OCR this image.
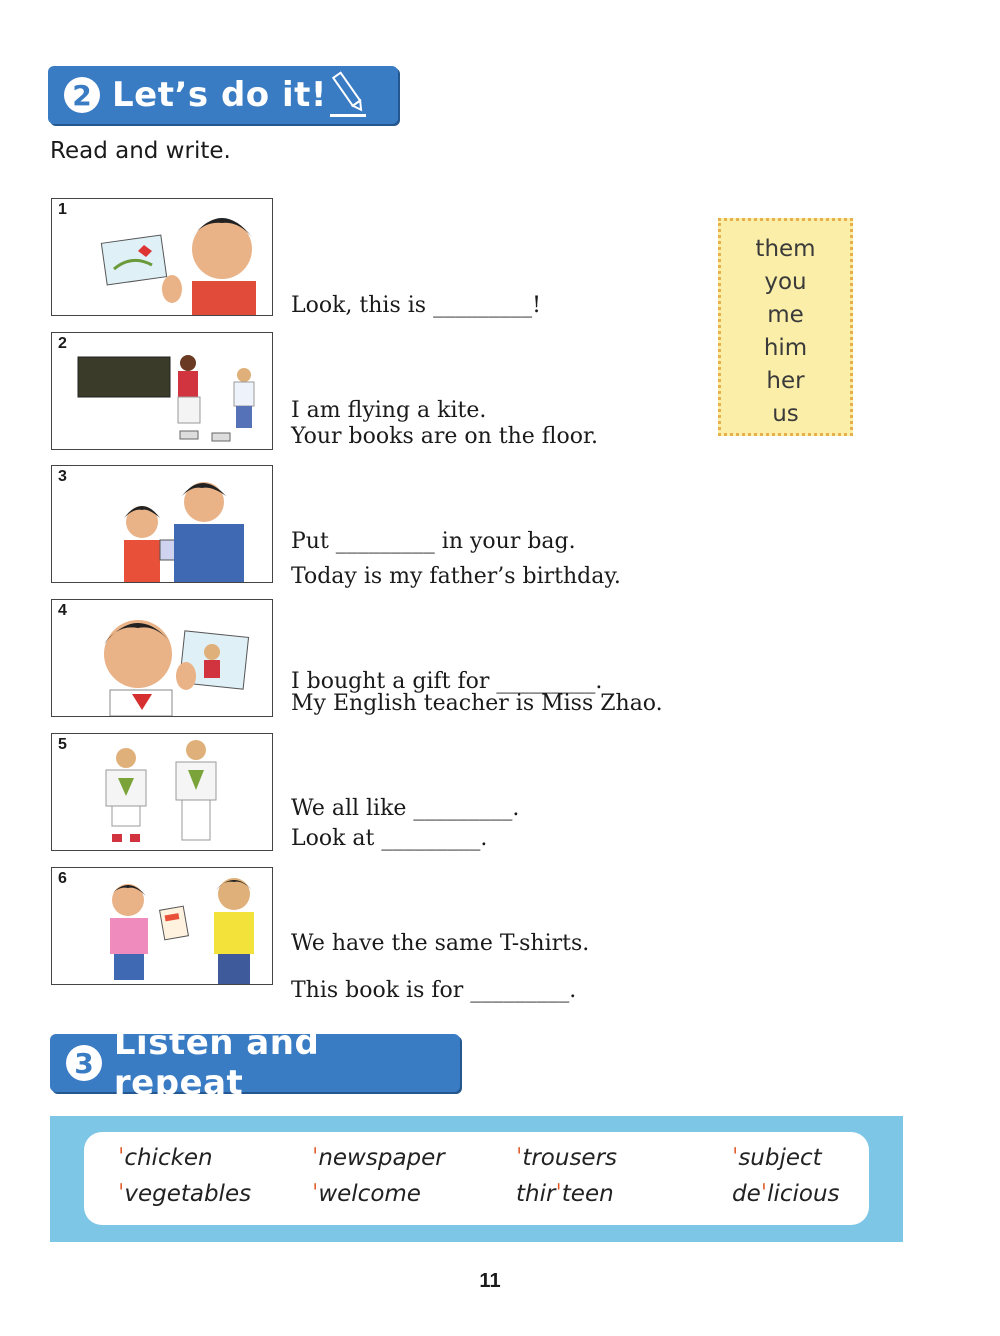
2 Let’s do it!
Read and write.
1

Look, this is _________!

I am flying a kite.

2

Your books are on the floor.

Put _________ in your bag.

3

Today is my father’s birthday.

I bought a gift for _________.

4

My English teacher is Miss Zhao.

We all like _________.

5

Look at _________.

We have the same T-shirts.

6

This book is for _________.

them
you
me
him
her
us
3 Listen and repeat
ˈchicken
ˈvegetables
ˈnewspaper
ˈwelcome
ˈtrousers
thirˈteen
ˈsubject
deˈlicious
11
